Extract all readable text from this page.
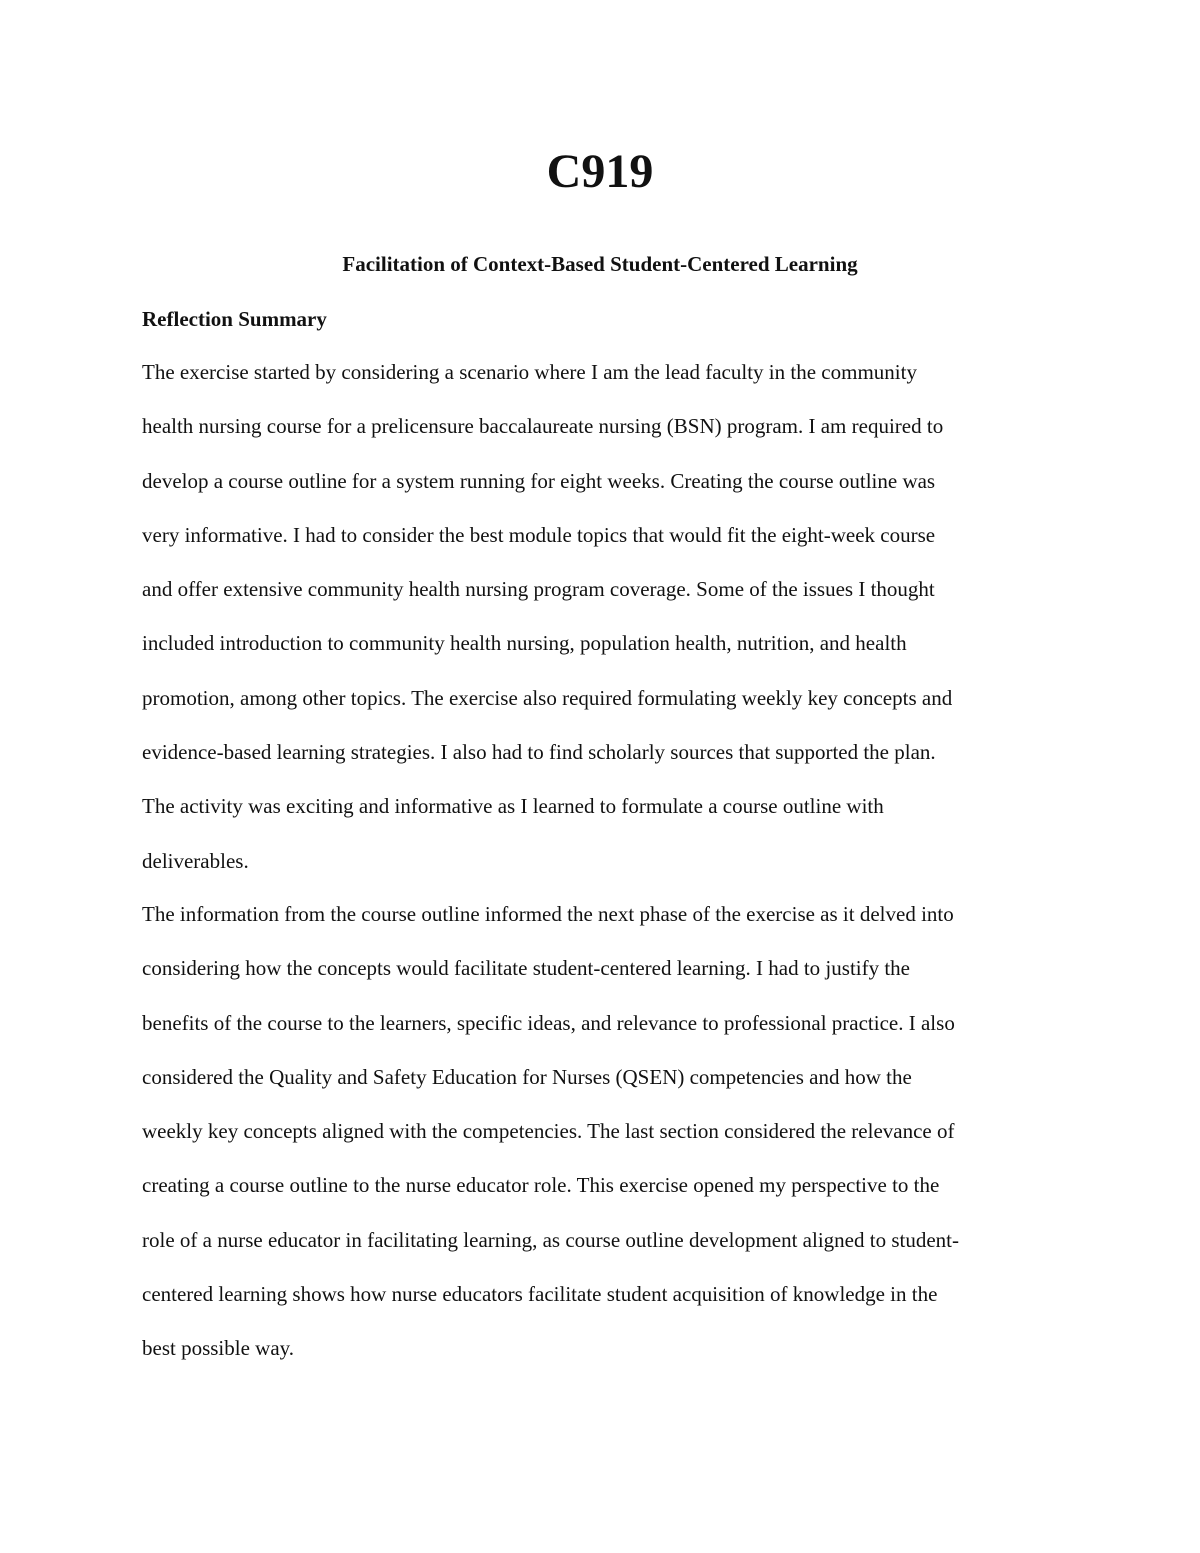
C919
Facilitation of Context-Based Student-Centered Learning
Reflection Summary
The exercise started by considering a scenario where I am the lead faculty in the community
health nursing course for a prelicensure baccalaureate nursing (BSN) program. I am required to
develop a course outline for a system running for eight weeks. Creating the course outline was
very informative. I had to consider the best module topics that would fit the eight-week course
and offer extensive community health nursing program coverage. Some of the issues I thought
included introduction to community health nursing, population health, nutrition, and health
promotion, among other topics. The exercise also required formulating weekly key concepts and
evidence-based learning strategies. I also had to find scholarly sources that supported the plan.
The activity was exciting and informative as I learned to formulate a course outline with
deliverables.
The information from the course outline informed the next phase of the exercise as it delved into
considering how the concepts would facilitate student-centered learning. I had to justify the
benefits of the course to the learners, specific ideas, and relevance to professional practice. I also
considered the Quality and Safety Education for Nurses (QSEN) competencies and how the
weekly key concepts aligned with the competencies. The last section considered the relevance of
creating a course outline to the nurse educator role. This exercise opened my perspective to the
role of a nurse educator in facilitating learning, as course outline development aligned to student-
centered learning shows how nurse educators facilitate student acquisition of knowledge in the
best possible way.
